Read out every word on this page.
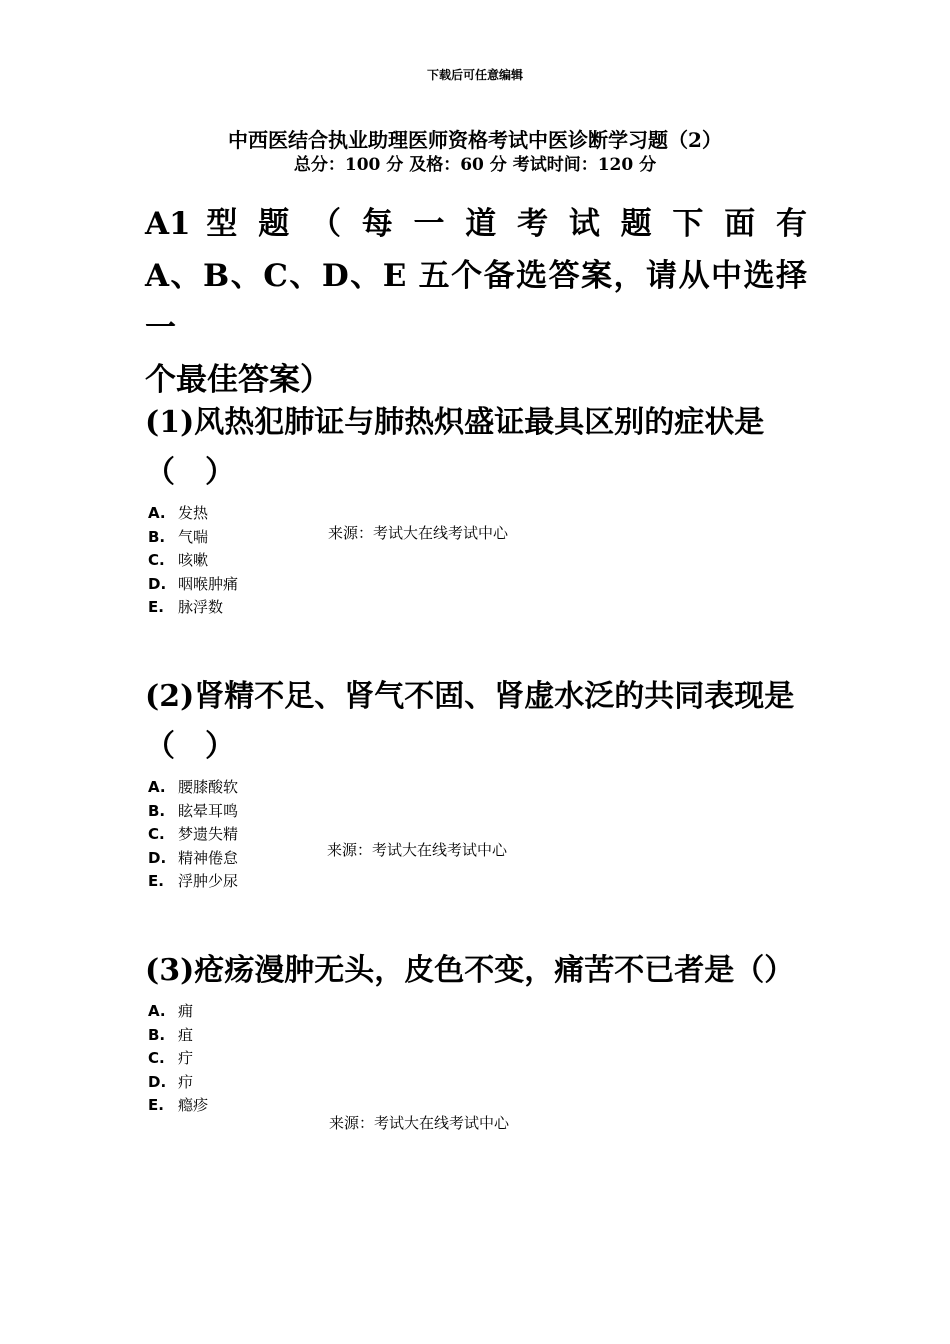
下载后可任意编辑
中西医结合执业助理医师资格考试中医诊断学习题（2）
总分：100 分 及格：60 分 考试时间：120 分
A1 型 题 （ 每 一 道 考 试 题 下 面 有
A、B、C、D、E 五个备选答案，请从中选择一
个最佳答案）

(1)风热犯肺证与肺热炽盛证最具区别的症状是（　）

A. 发热
B. 气喘
C. 咳嗽
D. 咽喉肿痛
E. 脉浮数
来源：考试大在线考试中心

(2)肾精不足、肾气不固、肾虚水泛的共同表现是（　）

A. 腰膝酸软
B. 眩晕耳鸣
C. 梦遗失精
D. 精神倦怠
E. 浮肿少尿
来源：考试大在线考试中心

(3)疮疡漫肿无头，皮色不变，痛苦不已者是（）

A. 痈
B. 疽
C. 疔
D. 疖
E. 瘾疹
来源：考试大在线考试中心
